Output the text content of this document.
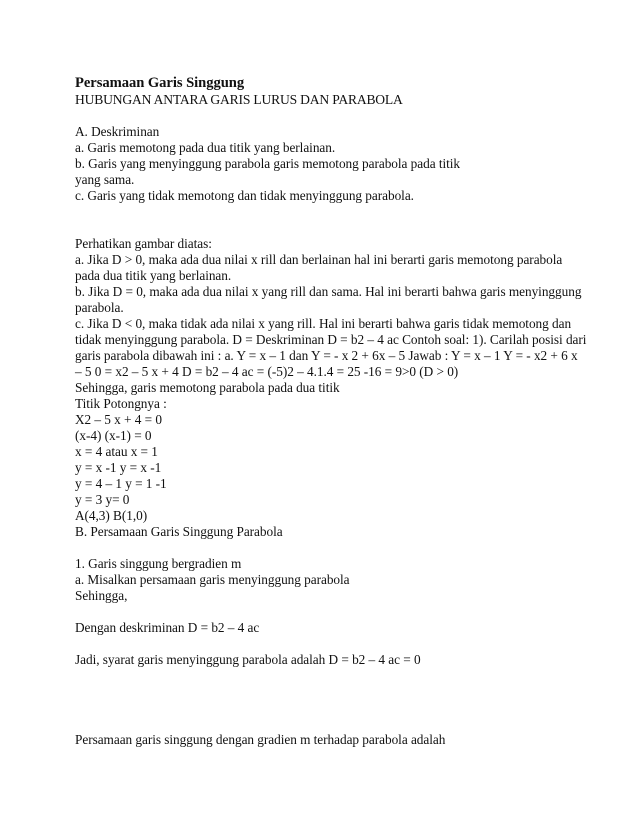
Persamaan Garis Singgung
HUBUNGAN ANTARA GARIS LURUS DAN PARABOLA
A. Deskriminan
a. Garis memotong pada dua titik yang berlainan.
b. Garis yang menyinggung parabola garis memotong parabola pada titik
yang sama.
c. Garis yang tidak memotong dan tidak menyinggung parabola.
Perhatikan gambar diatas:
a. Jika D > 0, maka ada dua nilai x rill dan berlainan hal ini berarti garis memotong parabola
pada dua titik yang berlainan.
b. Jika D = 0, maka ada dua nilai x yang rill dan sama. Hal ini berarti bahwa garis menyinggung
parabola.
c. Jika D < 0, maka tidak ada nilai x yang rill. Hal ini berarti bahwa garis tidak memotong dan
tidak menyinggung parabola. D = Deskriminan D = b2 – 4 ac Contoh soal: 1). Carilah posisi dari
garis parabola dibawah ini : a. Y = x – 1 dan Y = - x 2 + 6x – 5 Jawab : Y = x – 1 Y = - x2 + 6 x
– 5 0 = x2 – 5 x + 4 D = b2 – 4 ac = (-5)2 – 4.1.4 = 25 -16 = 9>0 (D > 0)
Sehingga, garis memotong parabola pada dua titik
Titik Potongnya :
X2 – 5 x + 4 = 0
(x-4) (x-1) = 0
x = 4 atau x = 1
y = x -1 y = x -1
y = 4 – 1 y = 1 -1
y = 3 y= 0
A(4,3) B(1,0)
B. Persamaan Garis Singgung Parabola
1. Garis singgung bergradien m
a. Misalkan persamaan garis menyinggung parabola
Sehingga,
Dengan deskriminan D = b2 – 4 ac
Jadi, syarat garis menyinggung parabola adalah D = b2 – 4 ac = 0
Persamaan garis singgung dengan gradien m terhadap parabola adalah
